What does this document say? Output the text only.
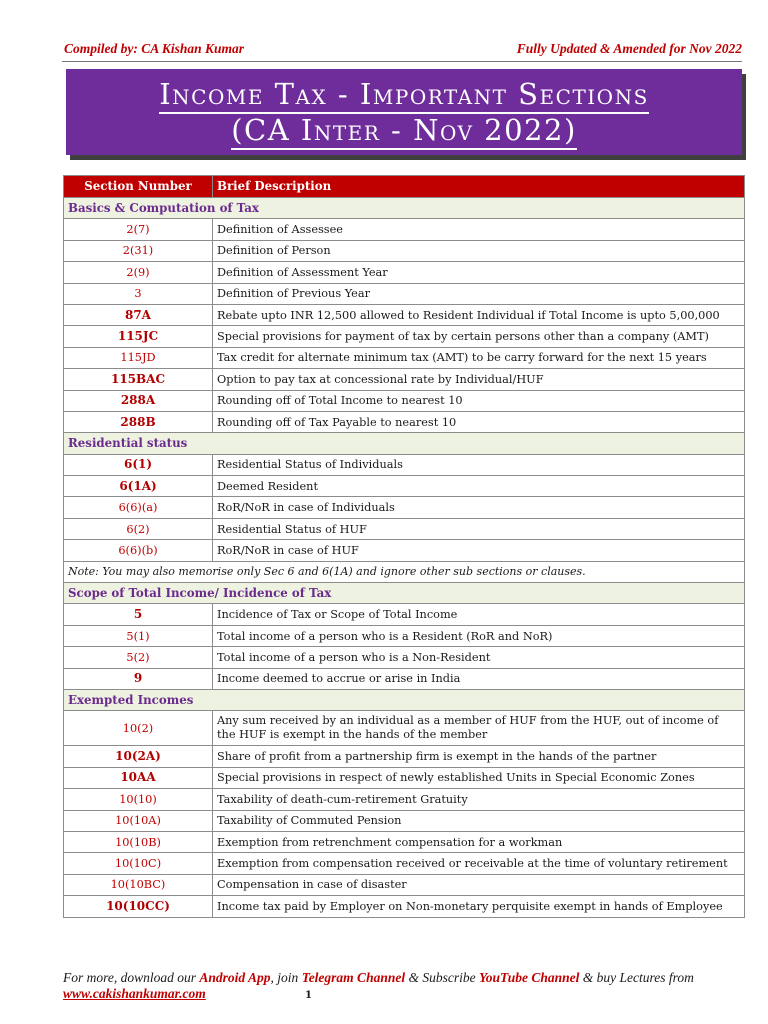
Compiled by: CA Kishan Kumar	Fully Updated & Amended for Nov 2022
Income Tax - Important Sections
(CA Inter - Nov 2022)
Section Number	Brief Description
Basics & Computation of Tax	
2(7)	Definition of Assessee
2(31)	Definition of Person
2(9)	Definition of Assessment Year
3	Definition of Previous Year
87A	Rebate upto INR 12,500 allowed to Resident Individual if Total Income is upto 5,00,000
115JC	Special provisions for payment of tax by certain persons other than a company (AMT)
115JD	Tax credit for alternate minimum tax (AMT) to be carry forward for the next 15 years
115BAC	Option to pay tax at concessional rate by Individual/HUF
288A	Rounding off of Total Income to nearest 10
288B	Rounding off of Tax Payable to nearest 10
Residential status	
6(1)	Residential Status of Individuals
6(1A)	Deemed Resident
6(6)(a)	RoR/NoR in case of Individuals
6(2)	Residential Status of HUF
6(6)(b)	RoR/NoR in case of HUF
Note: You may also memorise only Sec 6 and 6(1A) and ignore other sub sections or clauses.	
Scope of Total Income/ Incidence of Tax	
5	Incidence of Tax or Scope of Total Income
5(1)	Total income of a person who is a Resident (RoR and NoR)
5(2)	Total income of a person who is a Non-Resident
9	Income deemed to accrue or arise in India
Exempted Incomes	
10(2)	Any sum received by an individual as a member of HUF from the HUF, out of income of the HUF is exempt in the hands of the member
10(2A)	Share of profit from a partnership firm is exempt in the hands of the partner
10AA	Special provisions in respect of newly established Units in Special Economic Zones
10(10)	Taxability of death-cum-retirement Gratuity
10(10A)	Taxability of Commuted Pension
10(10B)	Exemption from retrenchment compensation for a workman
10(10C)	Exemption from compensation received or receivable at the time of voluntary retirement
10(10BC)	Compensation in case of disaster
10(10CC)	Income tax paid by Employer on Non-monetary perquisite exempt in hands of Employee
For more, download our Android App, join Telegram Channel & Subscribe YouTube Channel & buy Lectures from
www.cakishankumar.com	1
